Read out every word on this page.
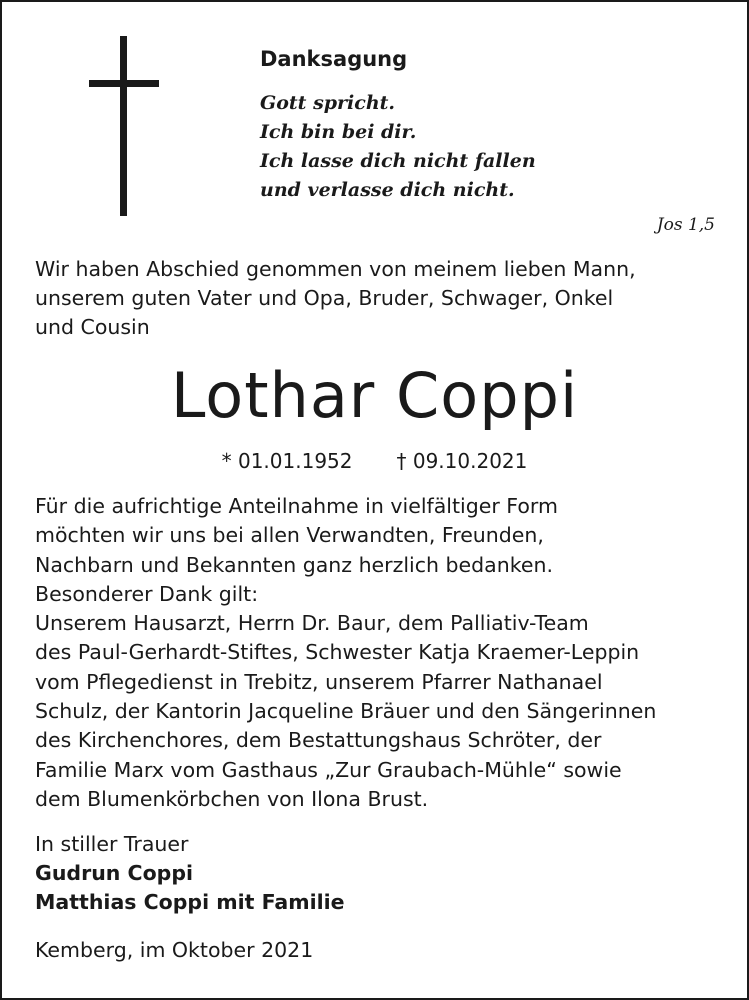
Danksagung
Gott spricht.
Ich bin bei dir.
Ich lasse dich nicht fallen
und verlasse dich nicht.
Jos 1,5
Wir haben Abschied genommen von meinem lieben Mann,
unserem guten Vater und Opa, Bruder, Schwager, Onkel
und Cousin
Lothar Coppi
* 01.01.1952 † 09.10.2021
Für die aufrichtige Anteilnahme in vielfältiger Form
möchten wir uns bei allen Verwandten, Freunden,
Nachbarn und Bekannten ganz herzlich bedanken.
Besonderer Dank gilt:
Unserem Hausarzt, Herrn Dr. Baur, dem Palliativ-Team
des Paul-Gerhardt-Stiftes, Schwester Katja Kraemer-Leppin
vom Pflegedienst in Trebitz, unserem Pfarrer Nathanael
Schulz, der Kantorin Jacqueline Bräuer und den Sängerinnen
des Kirchenchores, dem Bestattungshaus Schröter, der
Familie Marx vom Gasthaus „Zur Graubach-Mühle“ sowie
dem Blumenkörbchen von Ilona Brust.
In stiller Trauer
Gudrun Coppi
Matthias Coppi mit Familie
Kemberg, im Oktober 2021
